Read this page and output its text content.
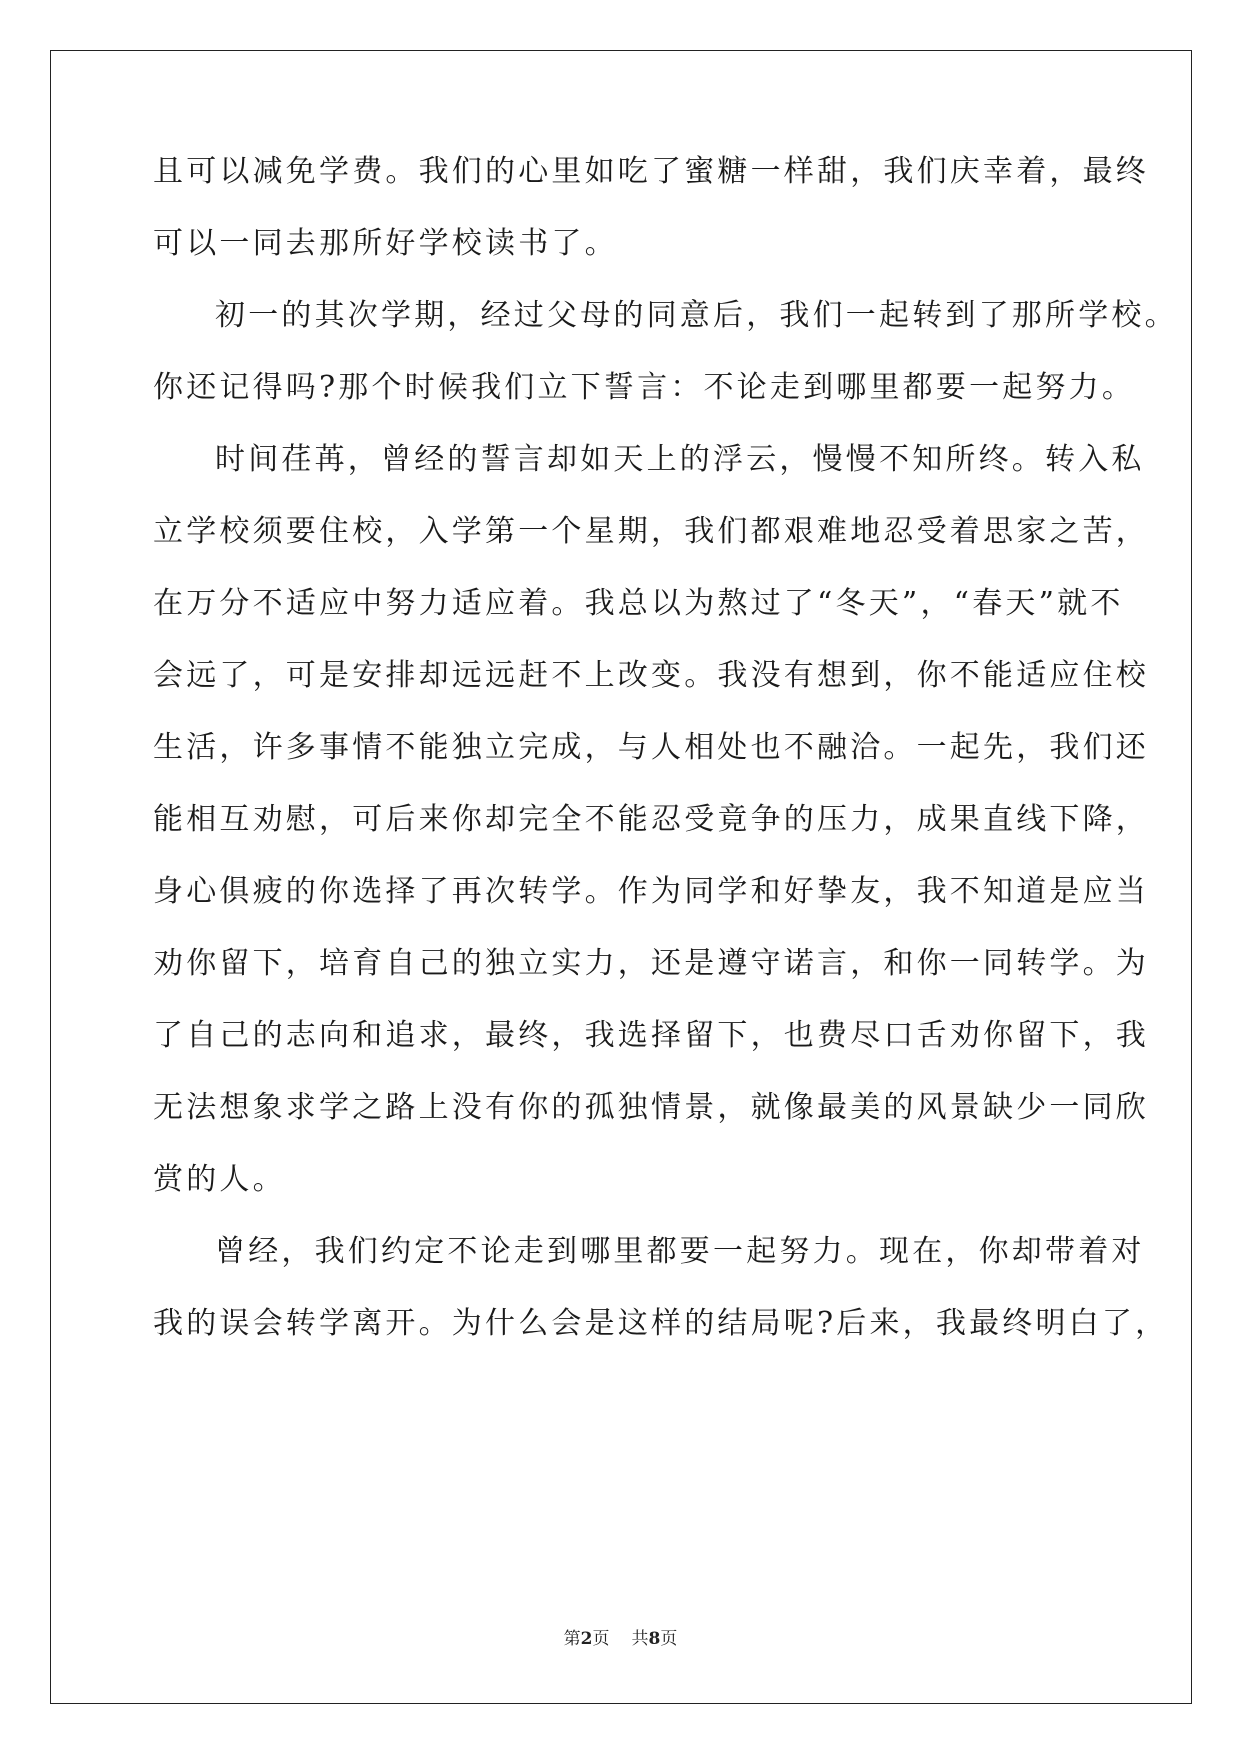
且可以减免学费。我们的心里如吃了蜜糖一样甜，我们庆幸着，最终
可以一同去那所好学校读书了。
初一的其次学期，经过父母的同意后，我们一起转到了那所学校。
你还记得吗?那个时候我们立下誓言：不论走到哪里都要一起努力。
时间荏苒，曾经的誓言却如天上的浮云，慢慢不知所终。转入私
立学校须要住校，入学第一个星期，我们都艰难地忍受着思家之苦，
在万分不适应中努力适应着。我总以为熬过了“冬天”，“春天”就不
会远了，可是安排却远远赶不上改变。我没有想到，你不能适应住校
生活，许多事情不能独立完成，与人相处也不融洽。一起先，我们还
能相互劝慰，可后来你却完全不能忍受竟争的压力，成果直线下降，
身心俱疲的你选择了再次转学。作为同学和好挚友，我不知道是应当
劝你留下，培育自己的独立实力，还是遵守诺言，和你一同转学。为
了自己的志向和追求，最终，我选择留下，也费尽口舌劝你留下，我
无法想象求学之路上没有你的孤独情景，就像最美的风景缺少一同欣
赏的人。
曾经，我们约定不论走到哪里都要一起努力。现在，你却带着对
我的误会转学离开。为什么会是这样的结局呢?后来，我最终明白了，
第2页 共8页
